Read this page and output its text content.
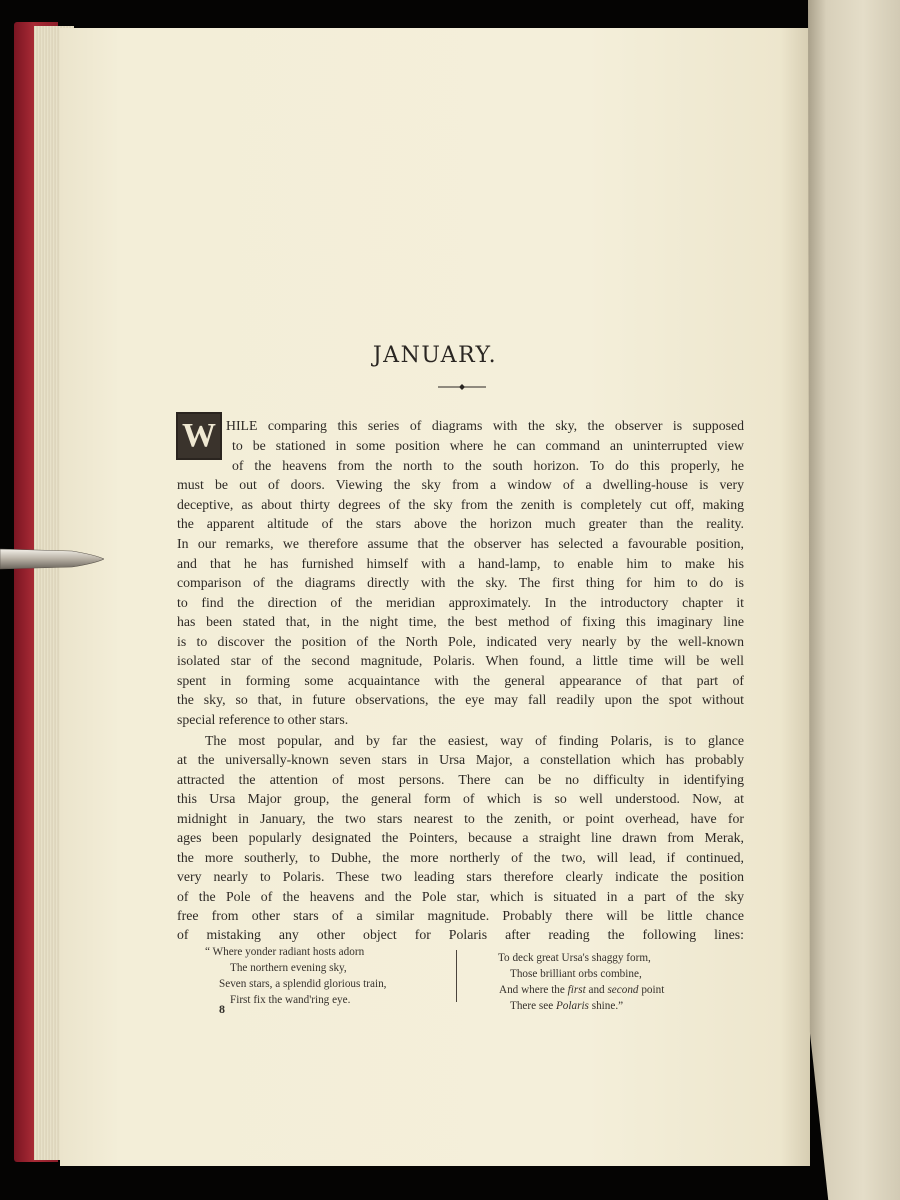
JANUARY.
W HILE comparing this series of diagrams with the sky, the observer is supposed
to be stationed in some position where he can command an uninterrupted view
of the heavens from the north to the south horizon. To do this properly, he
must be out of doors. Viewing the sky from a window of a dwelling-house is very
deceptive, as about thirty degrees of the sky from the zenith is completely cut off, making
the apparent altitude of the stars above the horizon much greater than the reality.
In our remarks, we therefore assume that the observer has selected a favourable position,
and that he has furnished himself with a hand-lamp, to enable him to make his
comparison of the diagrams directly with the sky. The first thing for him to do is
to find the direction of the meridian approximately. In the introductory chapter it
has been stated that, in the night time, the best method of fixing this imaginary line
is to discover the position of the North Pole, indicated very nearly by the well-known
isolated star of the second magnitude, Polaris. When found, a little time will be well
spent in forming some acquaintance with the general appearance of that part of
the sky, so that, in future observations, the eye may fall readily upon the spot without
special reference to other stars.
The most popular, and by far the easiest, way of finding Polaris, is to glance
at the universally-known seven stars in Ursa Major, a constellation which has probably
attracted the attention of most persons. There can be no difficulty in identifying
this Ursa Major group, the general form of which is so well understood. Now, at
midnight in January, the two stars nearest to the zenith, or point overhead, have for
ages been popularly designated the Pointers, because a straight line drawn from Merak,
the more southerly, to Dubhe, the more northerly of the two, will lead, if continued,
very nearly to Polaris. These two leading stars therefore clearly indicate the position
of the Pole of the heavens and the Pole star, which is situated in a part of the sky
free from other stars of a similar magnitude. Probably there will be little chance
of mistaking any other object for Polaris after reading the following lines:
“ Where yonder radiant hosts adorn
The northern evening sky,
Seven stars, a splendid glorious train,
First fix the wand'ring eye.
To deck great Ursa's shaggy form,
Those brilliant orbs combine,
And where the first and second point
There see Polaris shine.”
8
